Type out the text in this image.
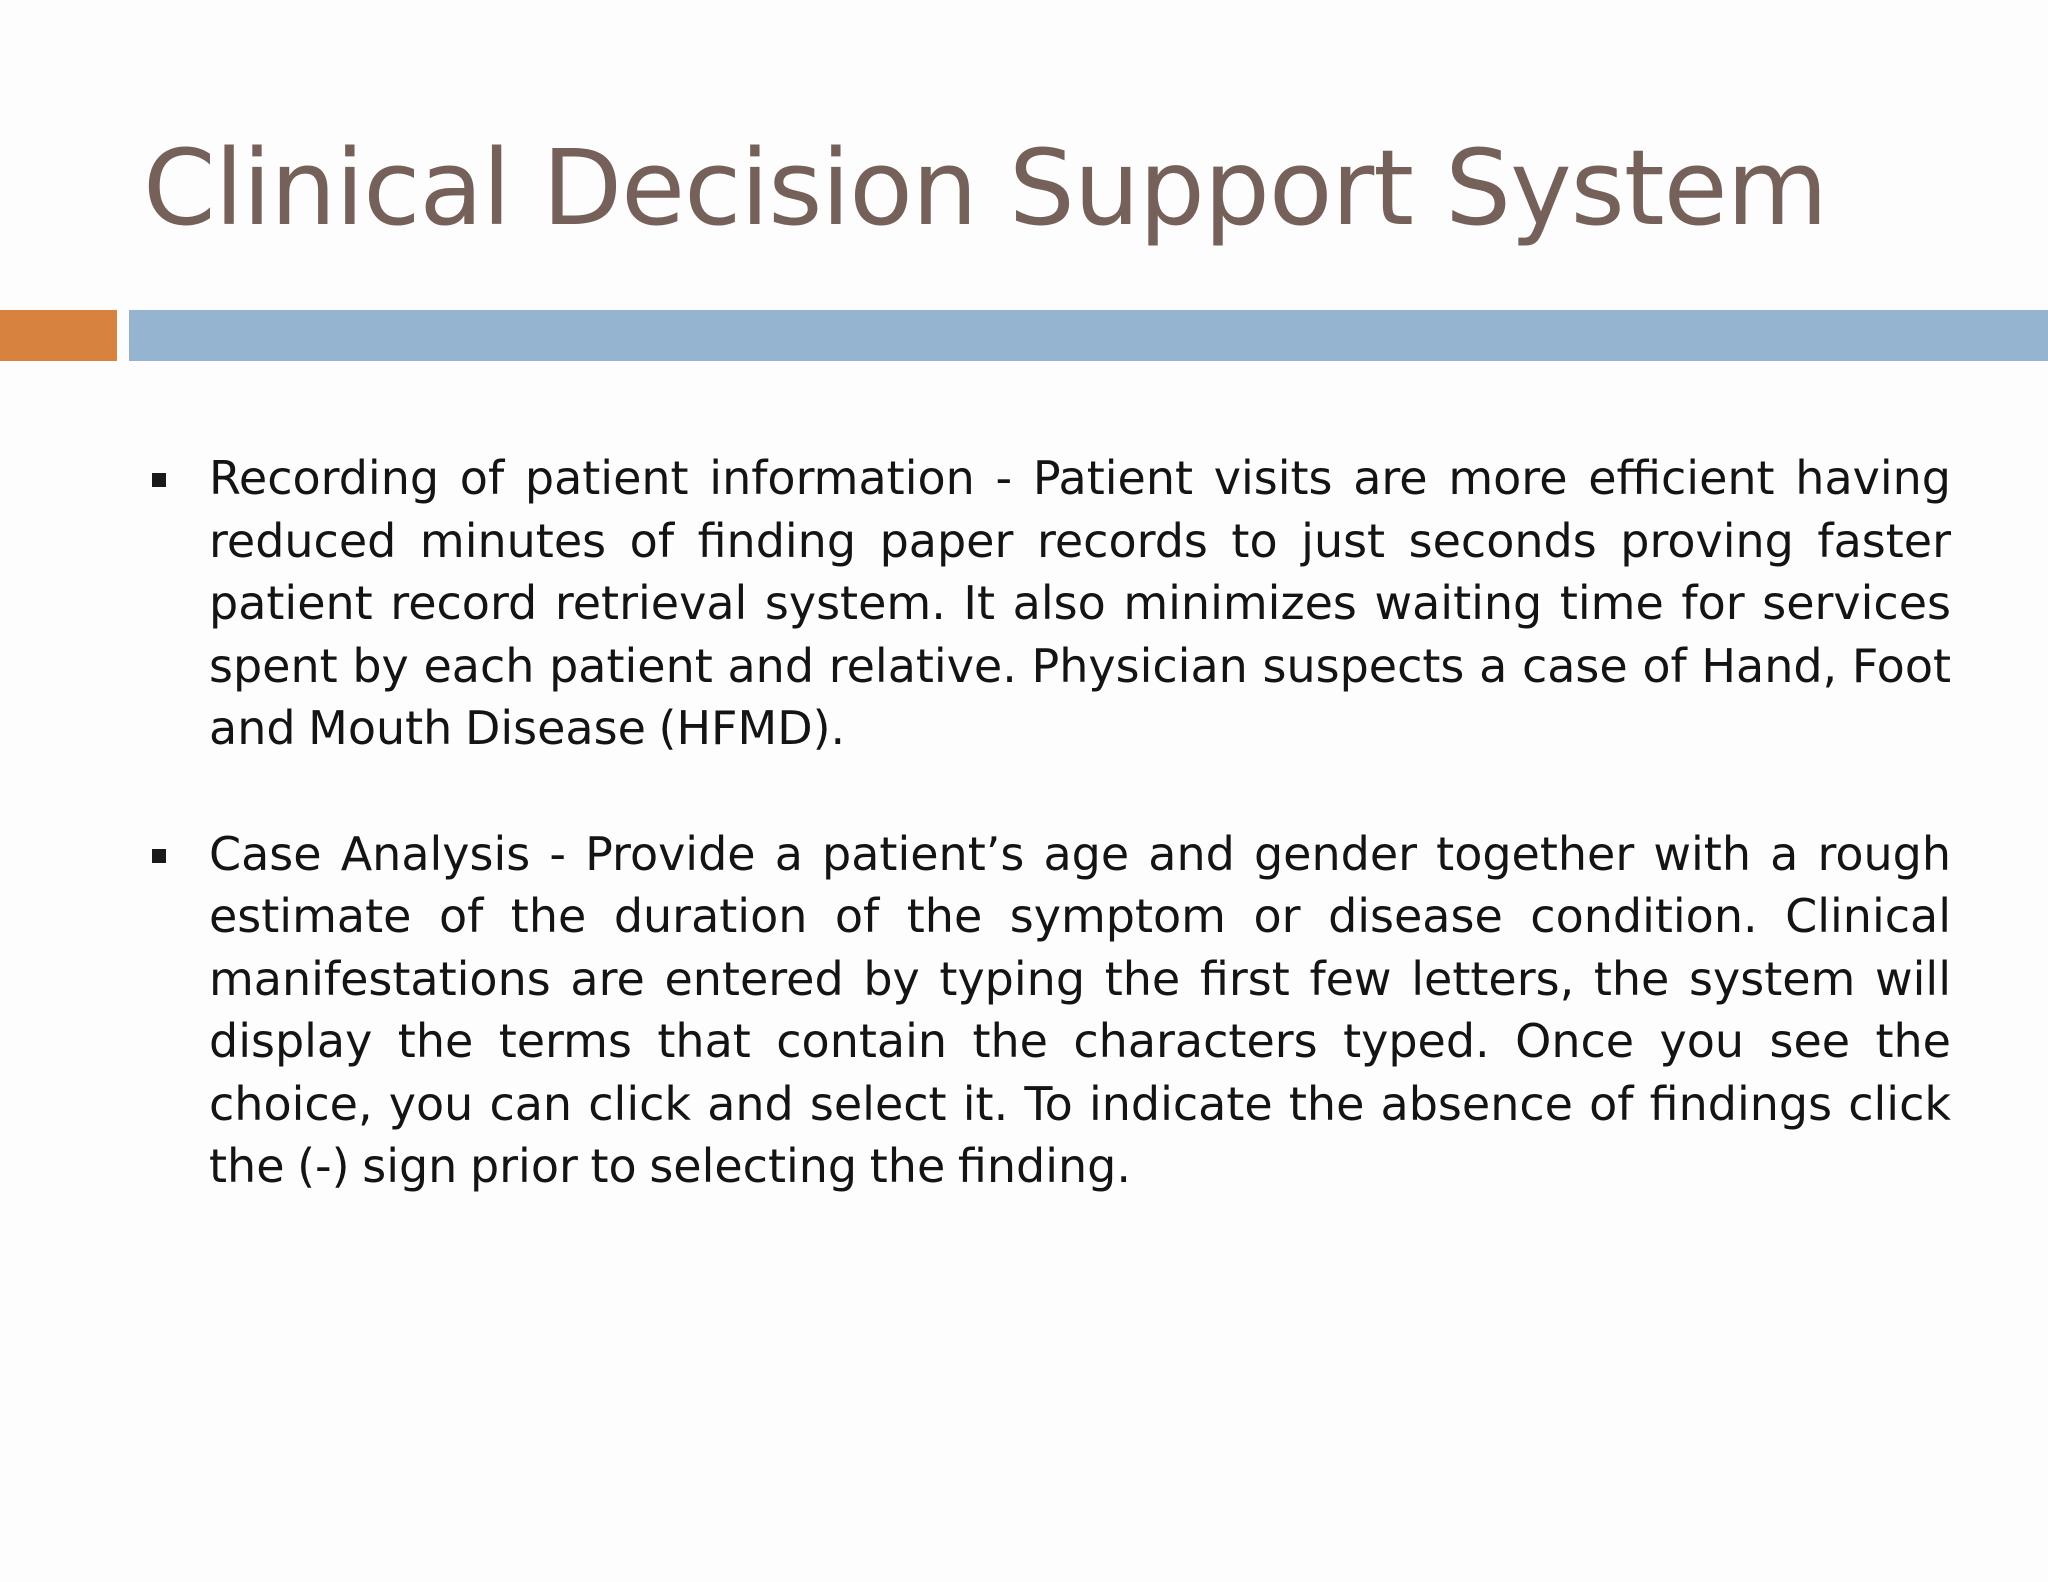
Clinical Decision Support System

Recording of patient information - Patient visits are more efficient having reduced minutes of finding paper records to just seconds proving faster patient record retrieval system. It also minimizes waiting time for services spent by each patient and relative. Physician suspects a case of Hand, Foot and Mouth Disease (HFMD).

Case Analysis - Provide a patient’s age and gender together with a rough estimate of the duration of the symptom or disease condition. Clinical manifestations are entered by typing the first few letters, the system will display the terms that contain the characters typed. Once you see the choice, you can click and select it. To indicate the absence of findings click the (-) sign prior to selecting the finding.
